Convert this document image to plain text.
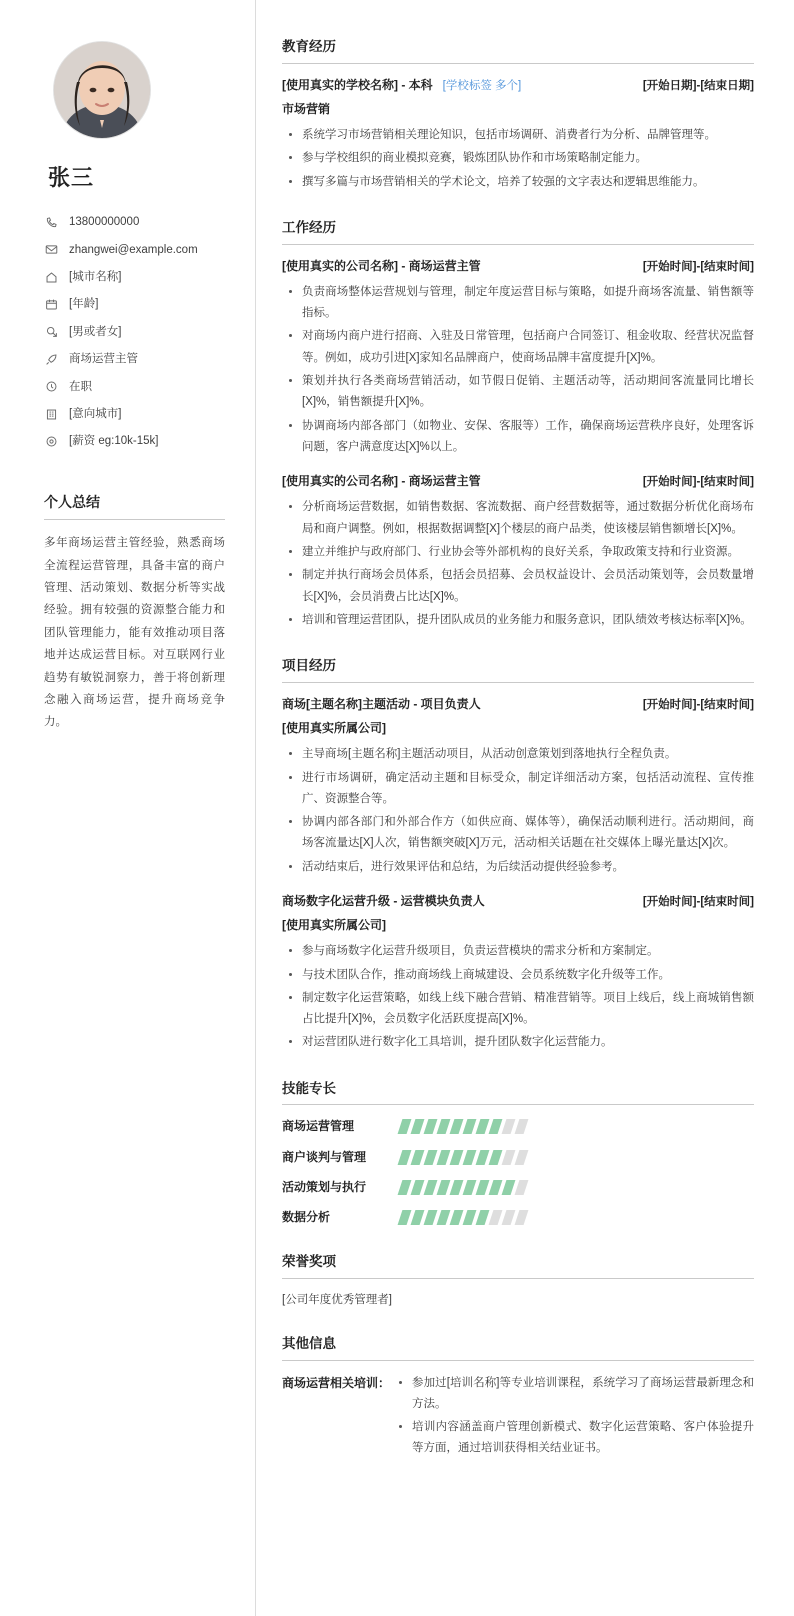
张三
13800000000
zhangwei@example.com
[城市名称]
[年龄]
[男或者女]
商场运营主管
在职
[意向城市]
[薪资 eg:10k-15k]
个人总结
多年商场运营主管经验，熟悉商场全流程运营管理，具备丰富的商户管理、活动策划、数据分析等实战经验。拥有较强的资源整合能力和团队管理能力，能有效推动项目落地并达成运营目标。对互联网行业趋势有敏锐洞察力，善于将创新理念融入商场运营，提升商场竞争力。
教育经历
[使用真实的学校名称] - 本科 [学校标签 多个]	[开始日期]-[结束日期]
市场营销
• 系统学习市场营销相关理论知识，包括市场调研、消费者行为分析、品牌管理等。
• 参与学校组织的商业模拟竞赛，锻炼团队协作和市场策略制定能力。
• 撰写多篇与市场营销相关的学术论文，培养了较强的文字表达和逻辑思维能力。
工作经历
[使用真实的公司名称] - 商场运营主管	[开始时间]-[结束时间]
• 负责商场整体运营规划与管理，制定年度运营目标与策略，如提升商场客流量、销售额等指标。
• 对商场内商户进行招商、入驻及日常管理，包括商户合同签订、租金收取、经营状况监督等。例如，成功引进[X]家知名品牌商户，使商场品牌丰富度提升[X]%。
• 策划并执行各类商场营销活动，如节假日促销、主题活动等，活动期间客流量同比增长[X]%，销售额提升[X]%。
• 协调商场内部各部门（如物业、安保、客服等）工作，确保商场运营秩序良好，处理客诉问题，客户满意度达[X]%以上。
[使用真实的公司名称] - 商场运营主管	[开始时间]-[结束时间]
• 分析商场运营数据，如销售数据、客流数据、商户经营数据等，通过数据分析优化商场布局和商户调整。例如，根据数据调整[X]个楼层的商户品类，使该楼层销售额增长[X]%。
• 建立并维护与政府部门、行业协会等外部机构的良好关系，争取政策支持和行业资源。
• 制定并执行商场会员体系，包括会员招募、会员权益设计、会员活动策划等，会员数量增长[X]%，会员消费占比达[X]%。
• 培训和管理运营团队，提升团队成员的业务能力和服务意识，团队绩效考核达标率[X]%。
项目经历
商场[主题名称]主题活动 - 项目负责人	[开始时间]-[结束时间]
[使用真实所属公司]
• 主导商场[主题名称]主题活动项目，从活动创意策划到落地执行全程负责。
• 进行市场调研，确定活动主题和目标受众，制定详细活动方案，包括活动流程、宣传推广、资源整合等。
• 协调内部各部门和外部合作方（如供应商、媒体等），确保活动顺利进行。活动期间，商场客流量达[X]人次，销售额突破[X]万元，活动相关话题在社交媒体上曝光量达[X]次。
• 活动结束后，进行效果评估和总结，为后续活动提供经验参考。
商场数字化运营升级 - 运营模块负责人	[开始时间]-[结束时间]
[使用真实所属公司]
• 参与商场数字化运营升级项目，负责运营模块的需求分析和方案制定。
• 与技术团队合作，推动商场线上商城建设、会员系统数字化升级等工作。
• 制定数字化运营策略，如线上线下融合营销、精准营销等。项目上线后，线上商城销售额占比提升[X]%，会员数字化活跃度提高[X]%。
• 对运营团队进行数字化工具培训，提升团队数字化运营能力。
技能专长
商场运营管理
商户谈判与管理
活动策划与执行
数据分析
荣誉奖项
[公司年度优秀管理者]
其他信息
商场运营相关培训： • 参加过[培训名称]等专业培训课程，系统学习了商场运营最新理念和方法。
• 培训内容涵盖商户管理创新模式、数字化运营策略、客户体验提升等方面，通过培训获得相关结业证书。
